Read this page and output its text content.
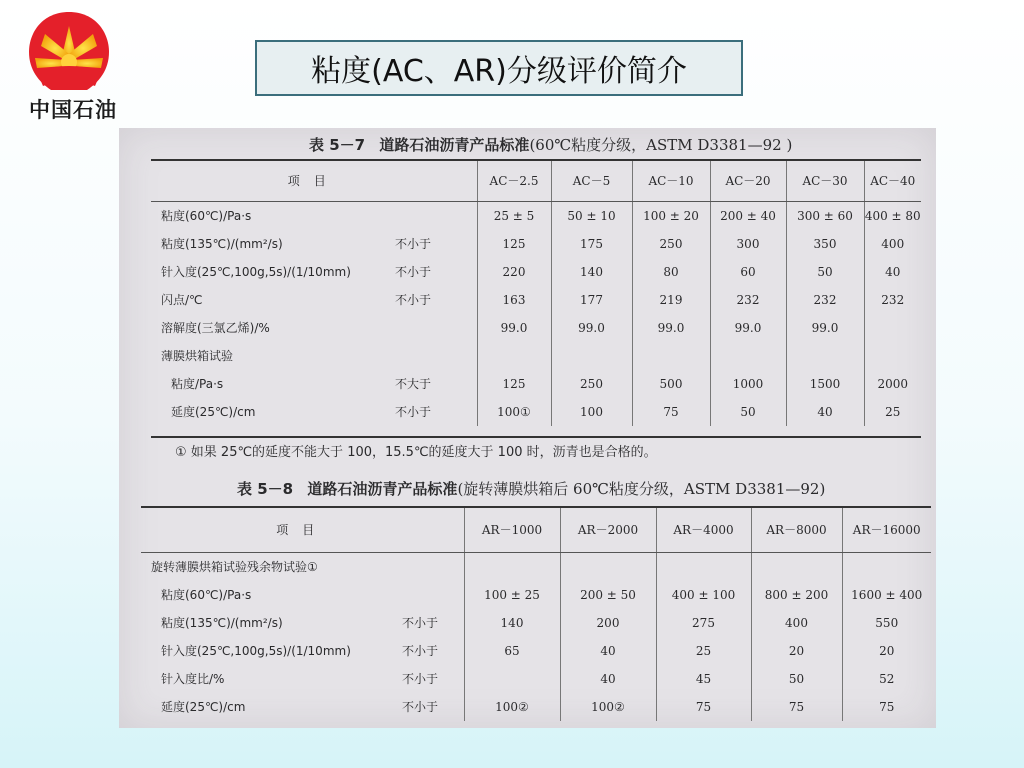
中国石油
粘度(AC、AR)分级评价简介
表 5－7 道路石油沥青产品标准(60℃粘度分级，ASTM D3381—92 )
项目		AC－2.5	AC－5	AC－10	AC－20	AC－30	AC－40
粘度(60℃)/Pa·s		25 ± 5	50 ± 10	100 ± 20	200 ± 40	300 ± 60	400 ± 80
粘度(135℃)/(mm²/s)	不小于	125	175	250	300	350	400
针入度(25℃,100g,5s)/(1/10mm)	不小于	220	140	80	60	50	40
闪点/℃	不小于	163	177	219	232	232	232
溶解度(三氯乙烯)/%		99.0	99.0	99.0	99.0	99.0	
薄膜烘箱试验							
粘度/Pa·s	不大于	125	250	500	1000	1500	2000
延度(25℃)/cm	不小于	100①	100	75	50	40	25
① 如果 25℃的延度不能大于 100，15.5℃的延度大于 100 时，沥青也是合格的。
表 5－8 道路石油沥青产品标准(旋转薄膜烘箱后 60℃粘度分级，ASTM D3381—92)
项目		AR－1000	AR－2000	AR－4000	AR－8000	AR－16000
旋转薄膜烘箱试验残余物试验①						
粘度(60℃)/Pa·s		100 ± 25	200 ± 50	400 ± 100	800 ± 200	1600 ± 400
粘度(135℃)/(mm²/s)	不小于	140	200	275	400	550
针入度(25℃,100g,5s)/(1/10mm)	不小于	65	40	25	20	20
针入度比/%	不小于		40	45	50	52
延度(25℃)/cm	不小于	100②	100②	75	75	75
